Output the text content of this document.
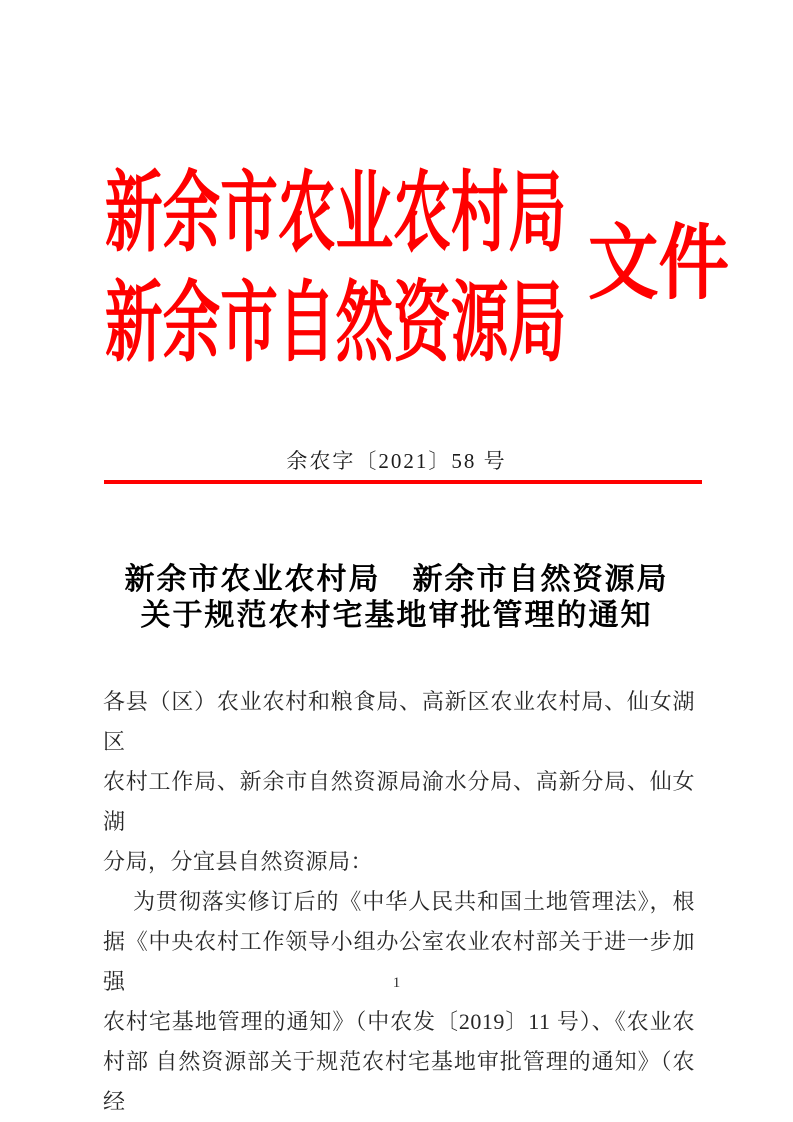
新余市农业农村局
新余市自然资源局
文件
余农字〔2021〕58 号
新余市农业农村局　新余市自然资源局
关于规范农村宅基地审批管理的通知
各县（区）农业农村和粮食局、高新区农业农村局、仙女湖区
农村工作局、新余市自然资源局渝水分局、高新分局、仙女湖
分局，分宜县自然资源局：
为贯彻落实修订后的《中华人民共和国土地管理法》，根
据《中央农村工作领导小组办公室农业农村部关于进一步加强
农村宅基地管理的通知》（中农发〔2019〕11 号）、《农业农
村部 自然资源部关于规范农村宅基地审批管理的通知》（农经
1
